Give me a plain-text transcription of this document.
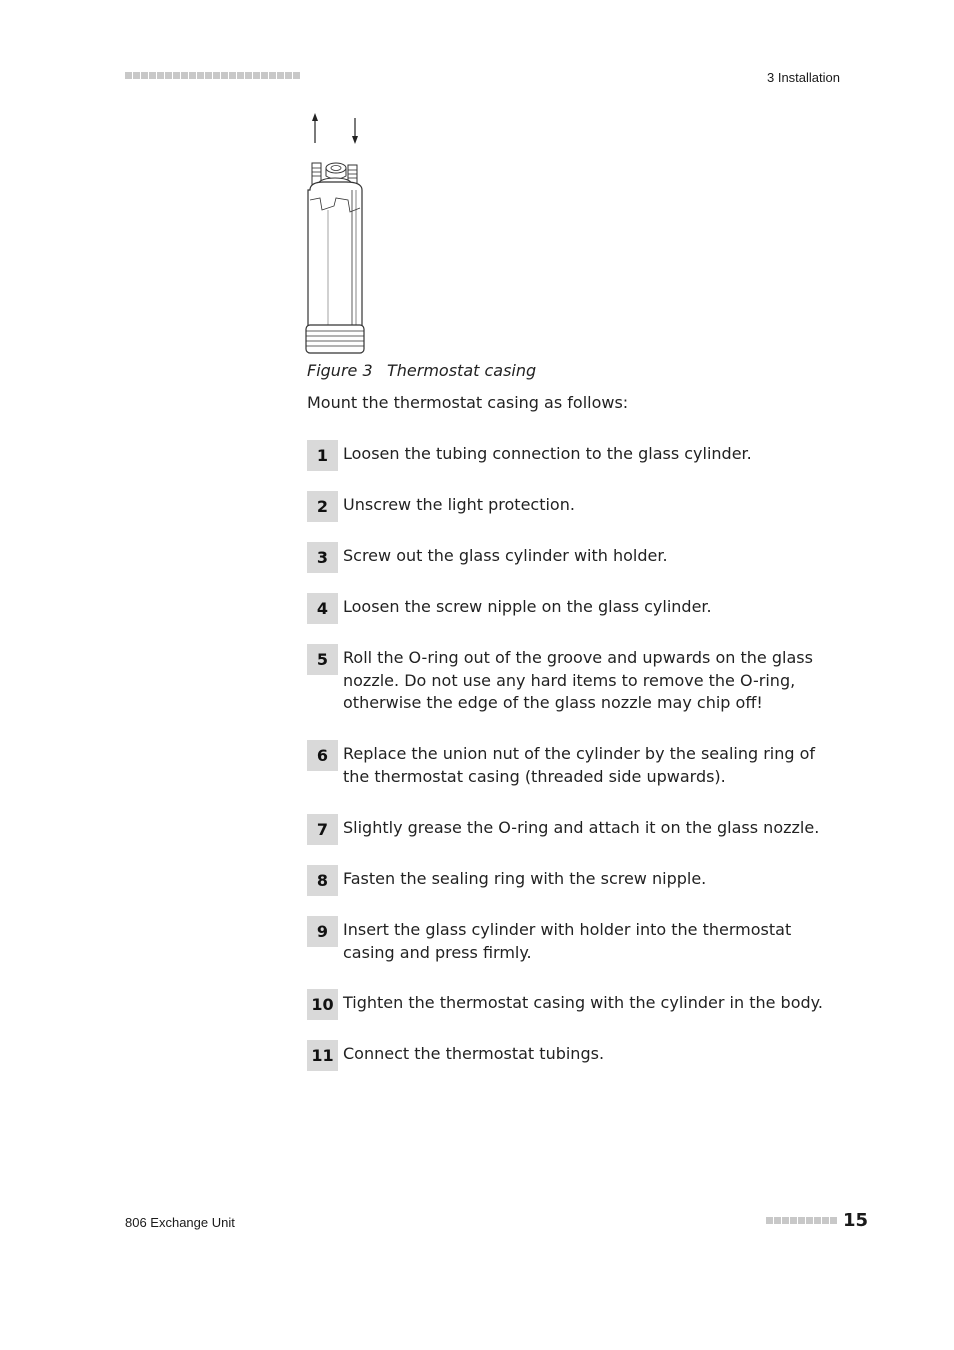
3 Installation
Figure 3 Thermostat casing
Mount the thermostat casing as follows:
1 Loosen the tubing connection to the glass cylinder.
2 Unscrew the light protection.
3 Screw out the glass cylinder with holder.
4 Loosen the screw nipple on the glass cylinder.
5 Roll the O-ring out of the groove and upwards on the glass nozzle. Do not use any hard items to remove the O-ring, otherwise the edge of the glass nozzle may chip off!
6 Replace the union nut of the cylinder by the sealing ring of the thermostat casing (threaded side upwards).
7 Slightly grease the O-ring and attach it on the glass nozzle.
8 Fasten the sealing ring with the screw nipple.
9 Insert the glass cylinder with holder into the thermostat casing and press firmly.
10 Tighten the thermostat casing with the cylinder in the body.
11 Connect the thermostat tubings.
806 Exchange Unit	15
